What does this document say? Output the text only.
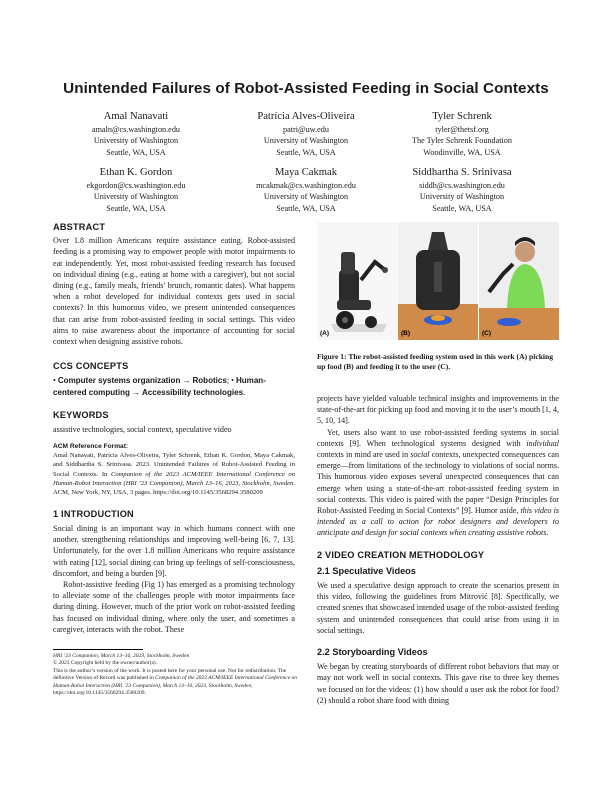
Unintended Failures of Robot-Assisted Feeding in Social Contexts
Amal Nanavati
amaln@cs.washington.edu
University of Washington
Seattle, WA, USA
Patrícia Alves-Oliveira
patri@uw.edu
University of Washington
Seattle, WA, USA
Tyler Schrenk
tyler@thetsf.org
The Tyler Schrenk Foundation
Woodinville, WA, USA
Ethan K. Gordon
ekgordon@cs.washington.edu
University of Washington
Seattle, WA, USA
Maya Cakmak
mcakmak@cs.washington.edu
University of Washington
Seattle, WA, USA
Siddhartha S. Srinivasa
siddh@cs.washington.edu
University of Washington
Seattle, WA, USA
ABSTRACT

Over 1.8 million Americans require assistance eating. Robot-assisted feeding is a promising way to empower people with motor impairments to eat independently. Yet, most robot-assisted feeding research has focused on individual dining (e.g., eating at home with a caregiver), but not social dining (e.g., family meals, friends’ brunch, romantic dates). What happens when a robot developed for individual contexts gets used in social contexts? In this humorous video, we present unintended consequences that can arise from robot-assisted feeding in social settings. This video aims to raise awareness about the importance of accounting for social context when designing assistive robots.

CCS CONCEPTS

• Computer systems organization → Robotics; • Human-centered computing → Accessibility technologies.

KEYWORDS

assistive technologies, social context, speculative video

ACM Reference Format:
Amal Nanavati, Patrícia Alves-Oliveira, Tyler Schrenk, Ethan K. Gordon, Maya Cakmak, and Siddhartha S. Srinivasa. 2023. Unintended Failures of Robot-Assisted Feeding in Social Contexts. In Companion of the 2023 ACM/IEEE International Conference on Human-Robot Interaction (HRI ’23 Companion), March 13–16, 2023, Stockholm, Sweden. ACM, New York, NY, USA, 3 pages. https://doi.org/10.1145/3568294.3580209

1 INTRODUCTION

Social dining is an important way in which humans connect with one another, strengthening relationships and improving well-being [6, 7, 13]. Unfortunately, for the over 1.8 million Americans who require assistance with eating [12], social dining can bring up feelings of self-consciousness, discomfort, and being a burden [9].

Robot-assistive feeding (Fig 1) has emerged as a promising technology to alleviate some of the challenges people with motor impairments face during dining. However, much of the prior work on robot-assisted feeding has focused on individual dining, where only the user, and sometimes a caregiver, interacts with the robot. These

HRI ’23 Companion, March 13–16, 2023, Stockholm, Sweden
© 2023 Copyright held by the owner/author(s).
This is the author’s version of the work. It is posted here for your personal use. Not for redistribution. The definitive Version of Record was published in Companion of the 2023 ACM/IEEE International Conference on Human-Robot Interaction (HRI ’23 Companion), March 13–16, 2023, Stockholm, Sweden, https://doi.org/10.1145/3568294.3580209.
(A)	(B)	(C)
Figure 1: The robot-assisted feeding system used in this work (A) picking up food (B) and feeding it to the user (C).

projects have yielded valuable technical insights and improvements in the state-of-the-art for picking up food and moving it to the user’s mouth [1, 4, 5, 10, 14].

Yet, users also want to use robot-assisted feeding systems in social contexts [9]. When technological systems designed with individual contexts in mind are used in social contexts, unexpected consequences can emerge—from limitations of the technology to violations of social norms. This humorous video exposes several unexpected consequences that can emerge when using a state-of-the-art robot-assisted feeding system in social contexts. This video is paired with the paper “Design Principles for Robot-Assisted Feeding in Social Contexts” [9]. Humor aside, this video is intended as a call to action for robot designers and developers to anticipate and design for social contexts when creating assistive robots.

2 VIDEO CREATION METHODOLOGY
2.1 Speculative Videos

We used a speculative design approach to create the scenarios present in this video, following the guidelines from Mitrović [8]. Specifically, we created scenes that showcased intended usage of the robot-assisted feeding system and unintended consequences that could arise from using it in social settings.

2.2 Storyboarding Videos

We began by creating storyboards of different robot behaviors that may or may not work well in social contexts. This gave rise to three key themes we focused on for the videos: (1) how should a user ask the robot for food? (2) should a robot share food with dining
